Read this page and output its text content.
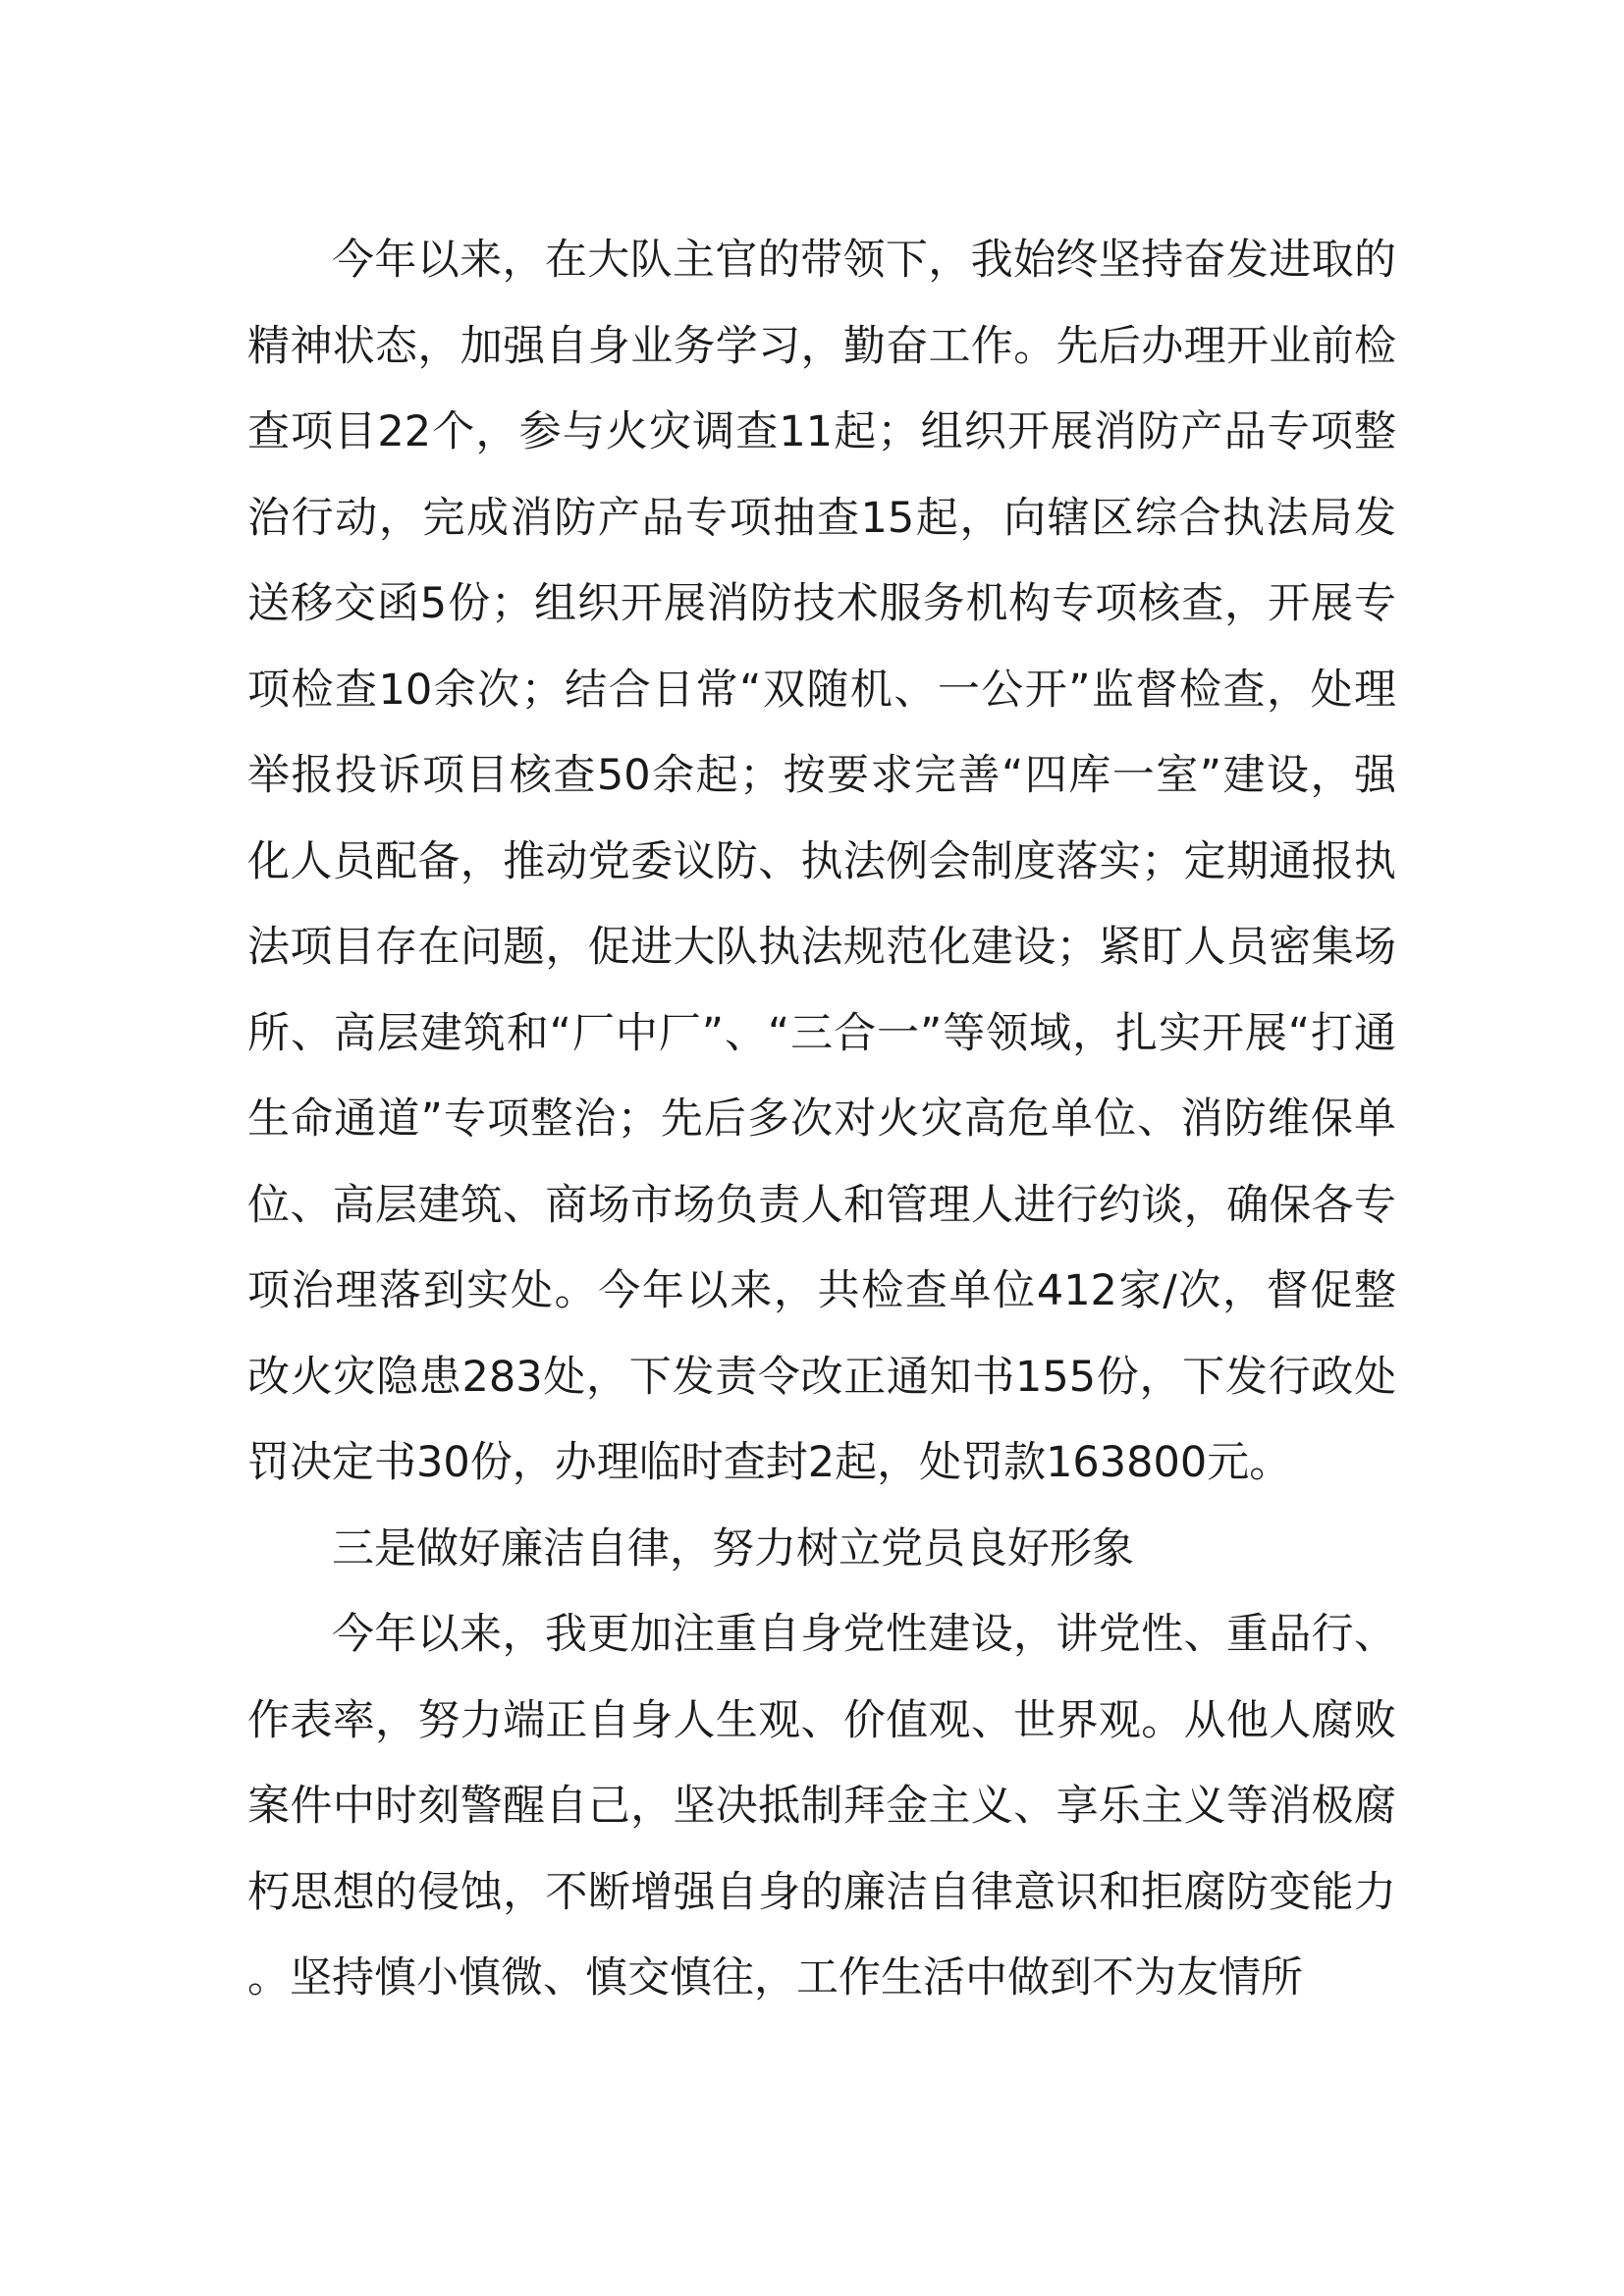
今年以来，在大队主官的带领下，我始终坚持奋发进取的精神状态，加强自身业务学习，勤奋工作。先后办理开业前检查项目22个，参与火灾调查11起；组织开展消防产品专项整治行动，完成消防产品专项抽查15起，向辖区综合执法局发送移交函5份；组织开展消防技术服务机构专项核查，开展专项检查10余次；结合日常“双随机、一公开”监督检查，处理举报投诉项目核查50余起；按要求完善“四库一室”建设，强化人员配备，推动党委议防、执法例会制度落实；定期通报执法项目存在问题，促进大队执法规范化建设；紧盯人员密集场所、高层建筑和“厂中厂”、“三合一”等领域，扎实开展“打通生命通道”专项整治；先后多次对火灾高危单位、消防维保单位、高层建筑、商场市场负责人和管理人进行约谈，确保各专项治理落到实处。今年以来，共检查单位412家/次，督促整改火灾隐患283处，下发责令改正通知书155份，下发行政处罚决定书30份，办理临时查封2起，处罚款163800元。

三是做好廉洁自律，努力树立党员良好形象

今年以来，我更加注重自身党性建设，讲党性、重品行、作表率，努力端正自身人生观、价值观、世界观。从他人腐败案件中时刻警醒自己，坚决抵制拜金主义、享乐主义等消极腐朽思想的侵蚀，不断增强自身的廉洁自律意识和拒腐防变能力。坚持慎小慎微、慎交慎往，工作生活中做到不为友情所
